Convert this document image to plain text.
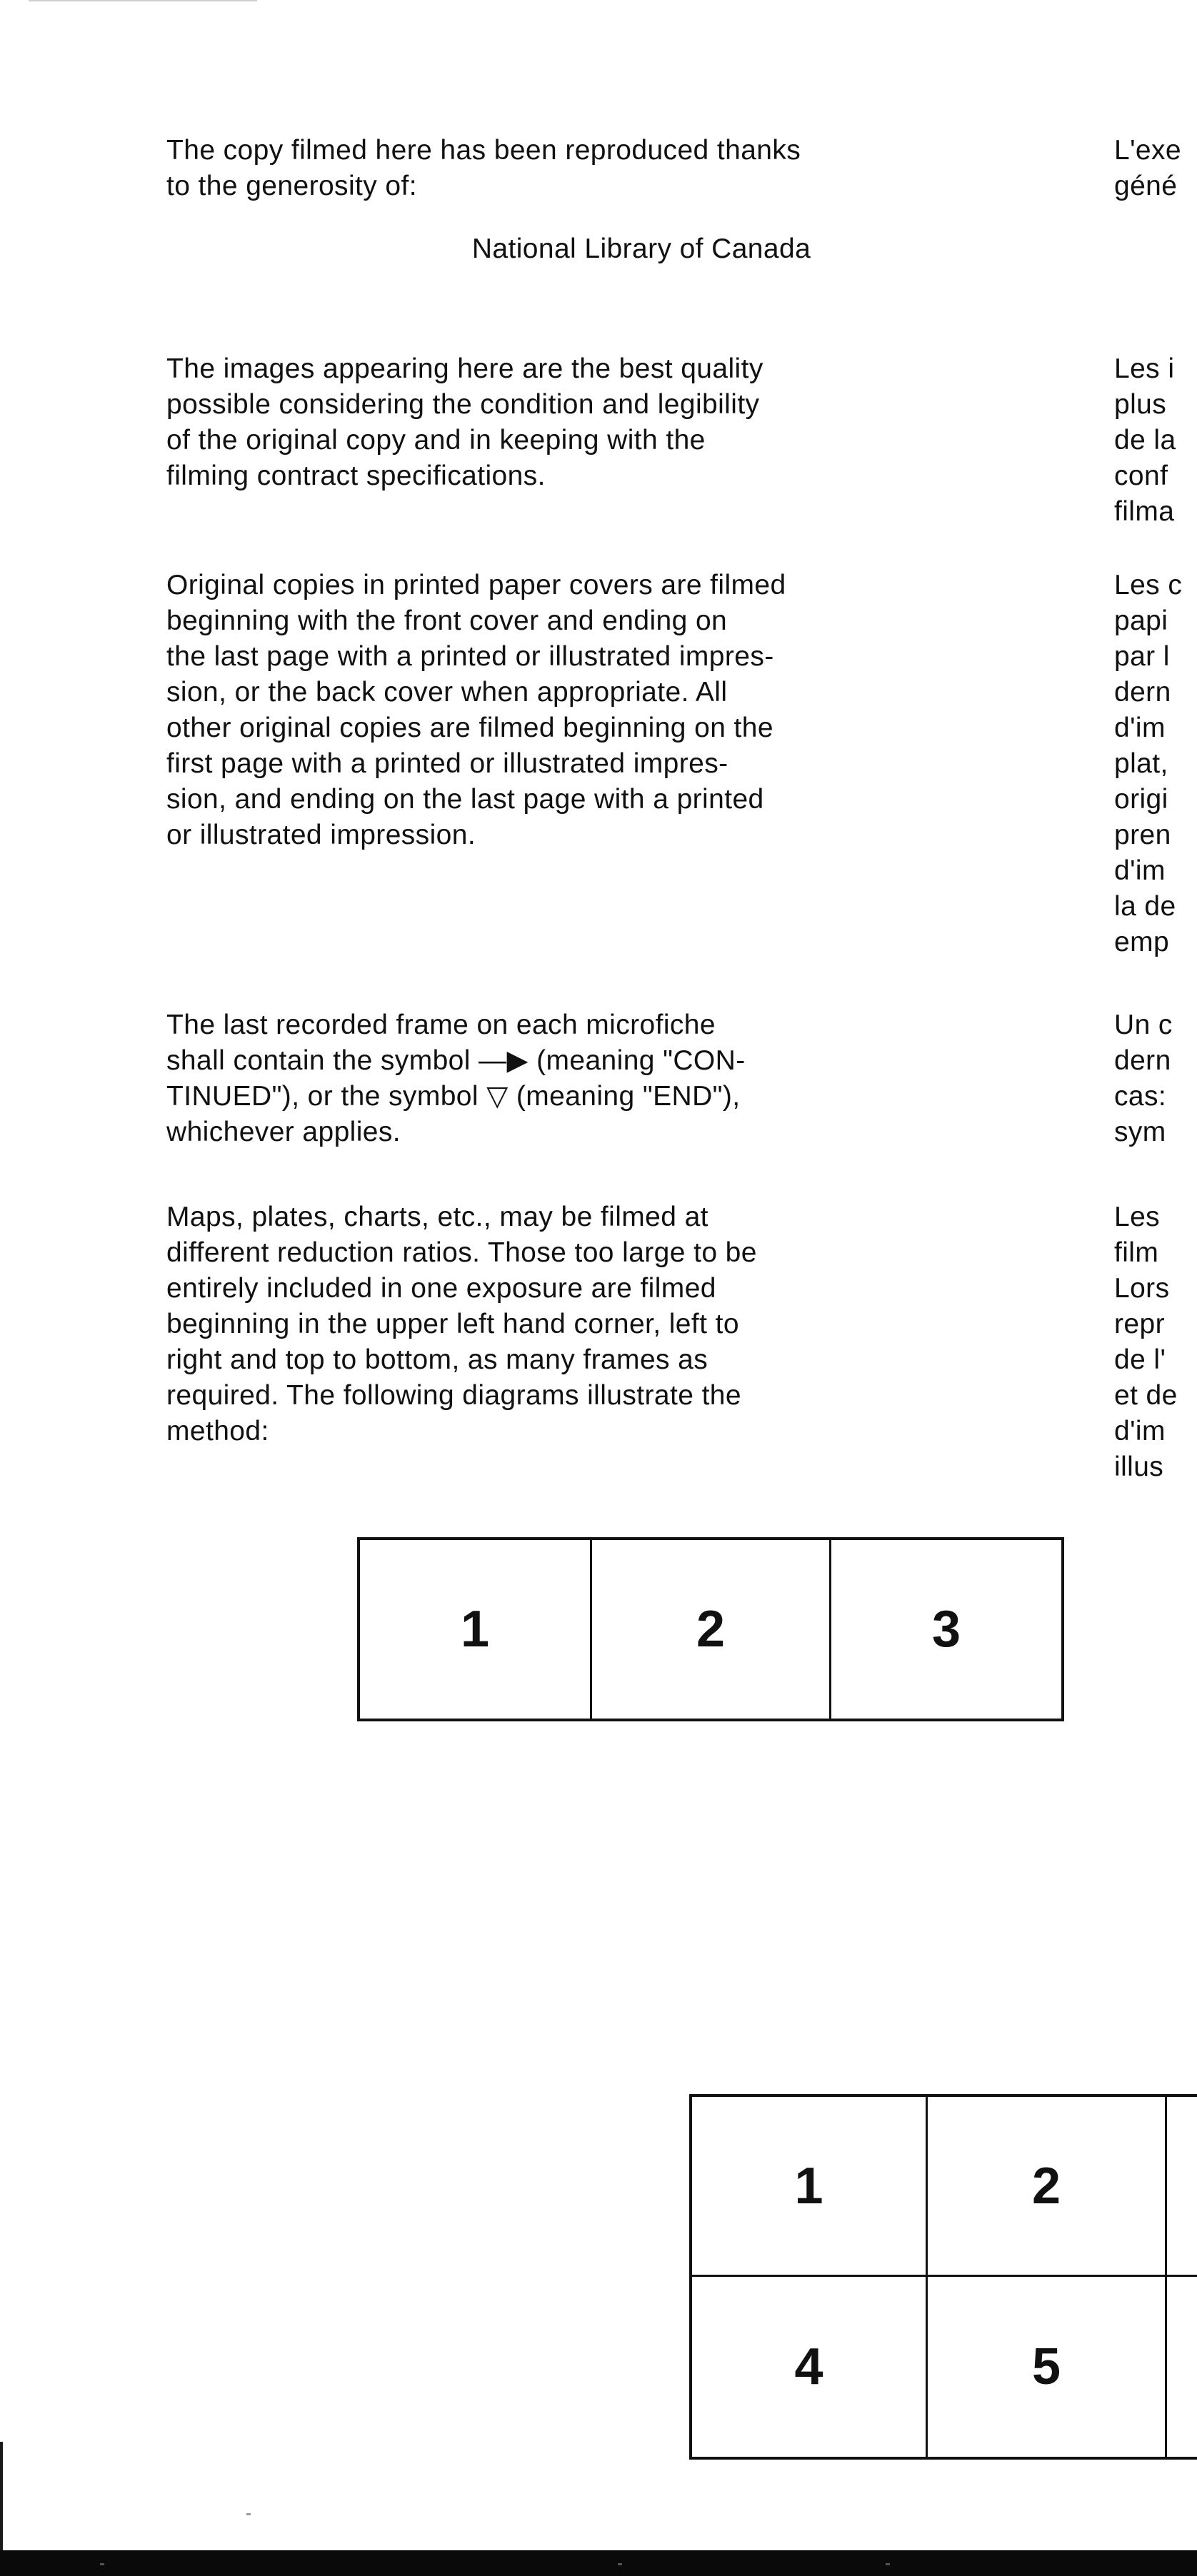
The copy filmed here has been reproduced thanks
to the generosity of:

National Library of Canada

The images appearing here are the best quality
possible considering the condition and legibility
of the original copy and in keeping with the
filming contract specifications.

Original copies in printed paper covers are filmed
beginning with the front cover and ending on
the last page with a printed or illustrated impres-
sion, or the back cover when appropriate. All
other original copies are filmed beginning on the
first page with a printed or illustrated impres-
sion, and ending on the last page with a printed
or illustrated impression.

The last recorded frame on each microfiche
shall contain the symbol —▶ (meaning "CON-
TINUED"), or the symbol ▽ (meaning "END"),
whichever applies.

Maps, plates, charts, etc., may be filmed at
different reduction ratios. Those too large to be
entirely included in one exposure are filmed
beginning in the upper left hand corner, left to
right and top to bottom, as many frames as
required. The following diagrams illustrate the
method:

L'exe
géné

Les i
plus
de la
conf
filma

Les c
papi
par l
dern
d'im
plat,
origi
pren
d'im
la de
emp

Un c
dern
cas:
sym

Les
film
Lors
repr
de l'
et de
d'im
illus

1	2	3
1	2
4	5
